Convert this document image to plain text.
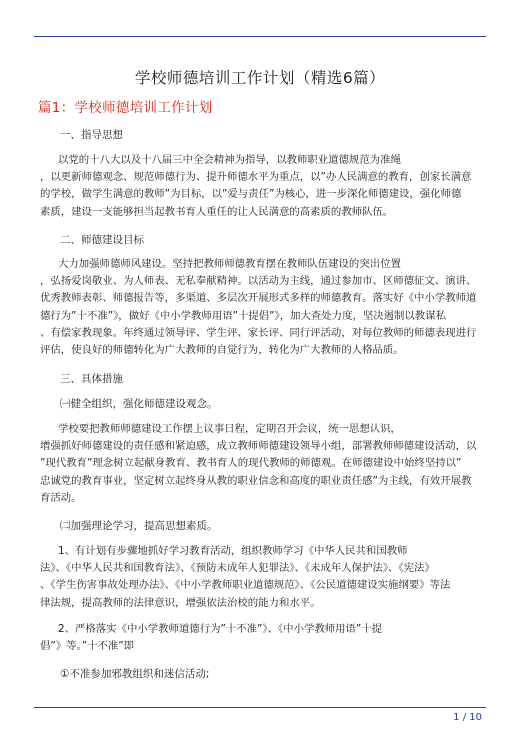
学校师德培训工作计划（精选6篇）
篇1：学校师德培训工作计划
一、指导思想
以党的十八大以及十八届三中全会精神为指导，以教师职业道德规范为准绳
，以更新师德观念、规范师德行为、提升师德水平为重点，以”办人民满意的教育，创家长满意
的学校，做学生满意的教师”为目标，以”爱与责任”为核心，进一步深化师德建设，强化师德
素质，建设一支能够担当起教书育人重任的让人民满意的高素质的教师队伍。
二、师德建设目标
大力加强师德师风建设。坚持把教师师德教育摆在教师队伍建设的突出位置
，弘扬爱岗敬业、为人师表、无私奉献精神。以活动为主线，通过参加市、区师德征文、演讲、
优秀教师表彰、师德报告等，多渠道、多层次开展形式多样的师德教育。落实好《中小学教师道
德行为”十不准”》，做好《中小学教师用语”十提倡”》，加大查处力度，坚决遏制以教谋私
、有偿家教现象。年终通过领导评、学生评、家长评、同行评活动，对每位教师的师德表现进行
评估，使良好的师德转化为广大教师的自觉行为，转化为广大教师的人格品质。
三、具体措施
㈠健全组织，强化师德建设观念。
学校要把教师师德建设工作摆上议事日程，定期召开会议，统一思想认识，
增强抓好师德建设的责任感和紧迫感，成立教师师德建设领导小组，部署教师师德建设活动，以
”现代教育”理念树立起献身教育、教书育人的现代教师的师德观。在师德建设中始终坚持以”
忠诚党的教育事业，坚定树立起终身从教的职业信念和高度的职业责任感”为主线，有效开展教
育活动。
㈡加强理论学习，提高思想素质。
1、有计划有步骤地抓好学习教育活动，组织教师学习《中华人民共和国教师
法》、《中华人民共和国教育法》、《预防未成年人犯罪法》、《未成年人保护法》、《宪法》
、《学生伤害事故处理办法》、《中小学教师职业道德规范》、《公民道德建设实施纲要》等法
律法规，提高教师的法律意识，增强依法治校的能力和水平。
2、严格落实《中小学教师道德行为”十不准”》、《中小学教师用语”十提
倡”》等。”十不准”即
①不准参加邪教组织和迷信活动;
1 / 10
